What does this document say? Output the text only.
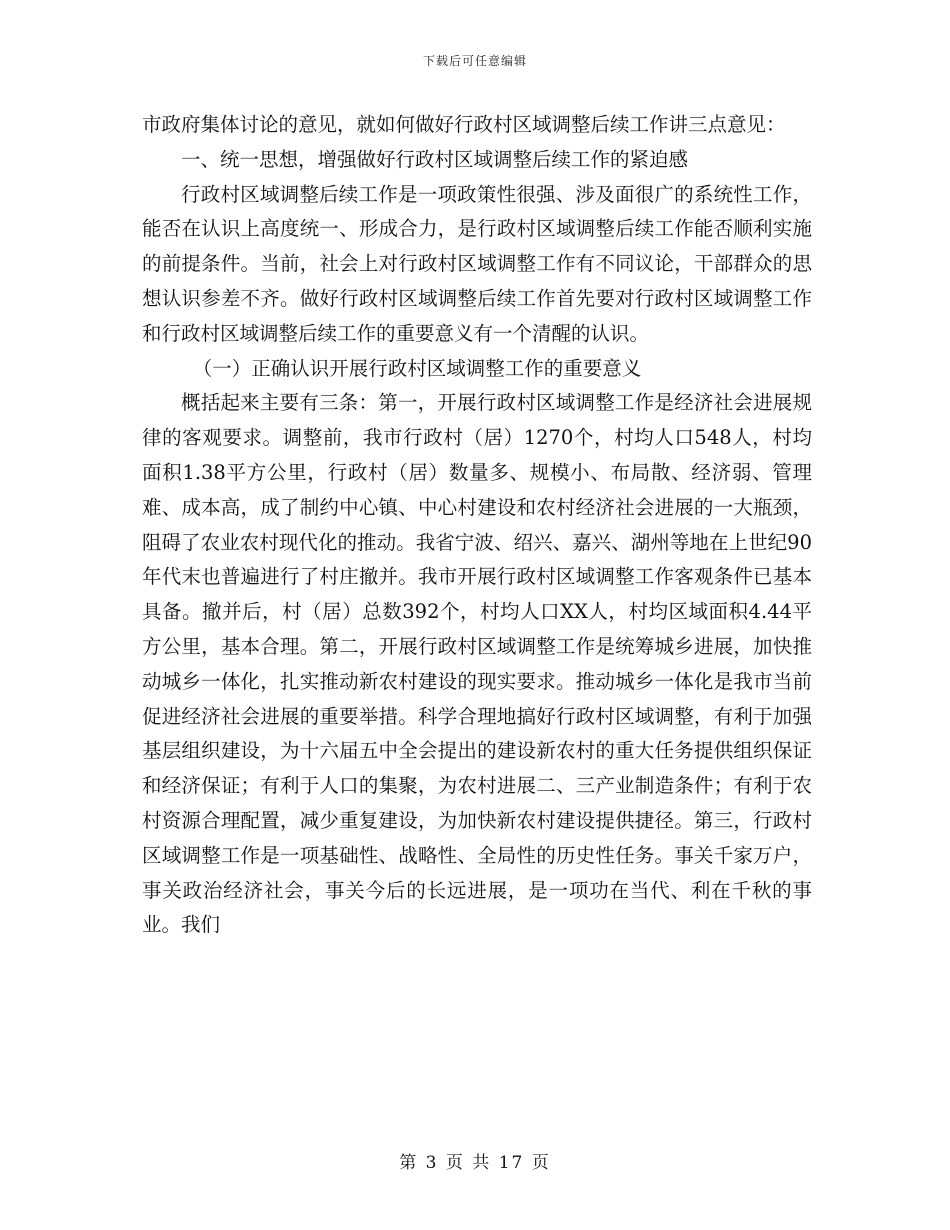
下载后可任意编辑

市政府集体讨论的意见，就如何做好行政村区域调整后续工作讲三点意见：

一、统一思想，增强做好行政村区域调整后续工作的紧迫感

行政村区域调整后续工作是一项政策性很强、涉及面很广的系统性工作，能否在认识上高度统一、形成合力，是行政村区域调整后续工作能否顺利实施的前提条件。当前，社会上对行政村区域调整工作有不同议论，干部群众的思想认识参差不齐。做好行政村区域调整后续工作首先要对行政村区域调整工作和行政村区域调整后续工作的重要意义有一个清醒的认识。

（一）正确认识开展行政村区域调整工作的重要意义

概括起来主要有三条：第一，开展行政村区域调整工作是经济社会进展规律的客观要求。调整前，我市行政村（居）1270个，村均人口548人，村均面积1.38平方公里，行政村（居）数量多、规模小、布局散、经济弱、管理难、成本高，成了制约中心镇、中心村建设和农村经济社会进展的一大瓶颈，阻碍了农业农村现代化的推动。我省宁波、绍兴、嘉兴、湖州等地在上世纪90年代末也普遍进行了村庄撤并。我市开展行政村区域调整工作客观条件已基本具备。撤并后，村（居）总数392个，村均人口XX人，村均区域面积4.44平方公里，基本合理。第二，开展行政村区域调整工作是统筹城乡进展，加快推动城乡一体化，扎实推动新农村建设的现实要求。推动城乡一体化是我市当前促进经济社会进展的重要举措。科学合理地搞好行政村区域调整，有利于加强基层组织建设，为十六届五中全会提出的建设新农村的重大任务提供组织保证和经济保证；有利于人口的集聚，为农村进展二、三产业制造条件；有利于农村资源合理配置，减少重复建设，为加快新农村建设提供捷径。第三，行政村区域调整工作是一项基础性、战略性、全局性的历史性任务。事关千家万户，事关政治经济社会，事关今后的长远进展，是一项功在当代、利在千秋的事业。我们

第 3 页 共 17 页
